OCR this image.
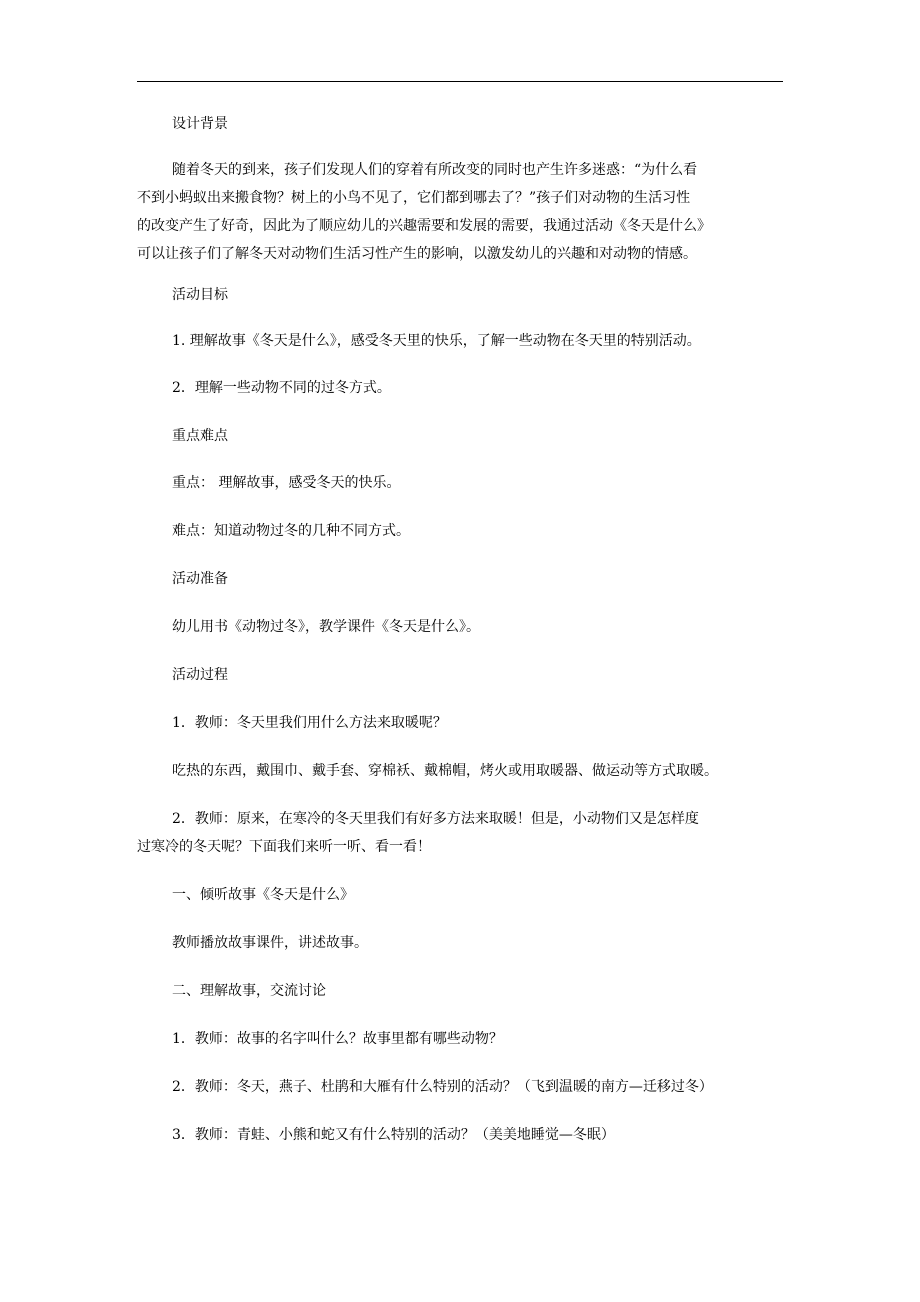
设计背景

随着冬天的到来，孩子们发现人们的穿着有所改变的同时也产生许多迷惑：“为什么看
不到小蚂蚁出来搬食物？树上的小鸟不见了，它们都到哪去了？”孩子们对动物的生活习性
的改变产生了好奇，因此为了顺应幼儿的兴趣需要和发展的需要，我通过活动《冬天是什么》
可以让孩子们了解冬天对动物们生活习性产生的影响，以激发幼儿的兴趣和对动物的情感。

活动目标

1. 理解故事《冬天是什么》，感受冬天里的快乐，了解一些动物在冬天里的特别活动。

2．理解一些动物不同的过冬方式。

重点难点

重点： 理解故事，感受冬天的快乐。

难点：知道动物过冬的几种不同方式。

活动准备

幼儿用书《动物过冬》，教学课件《冬天是什么》。

活动过程

1．教师：冬天里我们用什么方法来取暖呢？

吃热的东西，戴围巾、戴手套、穿棉袄、戴棉帽，烤火或用取暖器、做运动等方式取暖。

2．教师：原来，在寒冷的冬天里我们有好多方法来取暖！但是，小动物们又是怎样度
过寒冷的冬天呢？下面我们来听一听、看一看！

一、倾听故事《冬天是什么》

教师播放故事课件，讲述故事。

二、理解故事，交流讨论

1．教师：故事的名字叫什么？故事里都有哪些动物？

2．教师：冬天，燕子、杜鹃和大雁有什么特别的活动？（飞到温暖的南方—迁移过冬）

3．教师：青蛙、小熊和蛇又有什么特别的活动？（美美地睡觉—冬眠）
